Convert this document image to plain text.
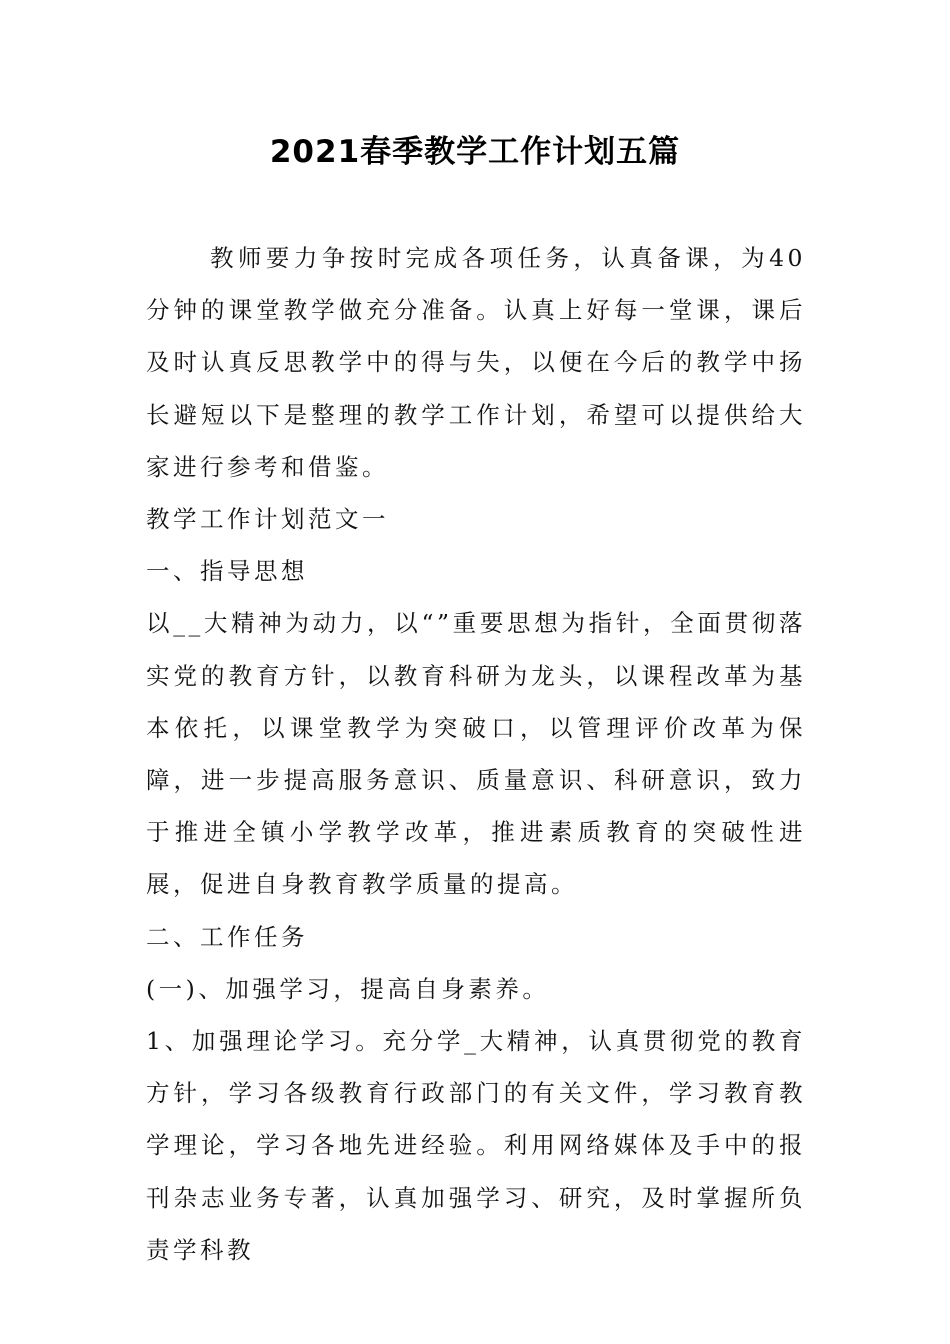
2021春季教学工作计划五篇

教师要力争按时完成各项任务，认真备课，为40分钟的课堂教学做充分准备。认真上好每一堂课，课后及时认真反思教学中的得与失，以便在今后的教学中扬长避短以下是整理的教学工作计划，希望可以提供给大家进行参考和借鉴。

教学工作计划范文一

一、指导思想

以__大精神为动力，以“”重要思想为指针，全面贯彻落实党的教育方针，以教育科研为龙头，以课程改革为基本依托，以课堂教学为突破口，以管理评价改革为保障，进一步提高服务意识、质量意识、科研意识，致力于推进全镇小学教学改革，推进素质教育的突破性进展，促进自身教育教学质量的提高。

二、工作任务

(一)、加强学习，提高自身素养。

1、加强理论学习。充分学_大精神，认真贯彻党的教育方针，学习各级教育行政部门的有关文件，学习教育教学理论，学习各地先进经验。利用网络媒体及手中的报刊杂志业务专著，认真加强学习、研究，及时掌握所负责学科教
